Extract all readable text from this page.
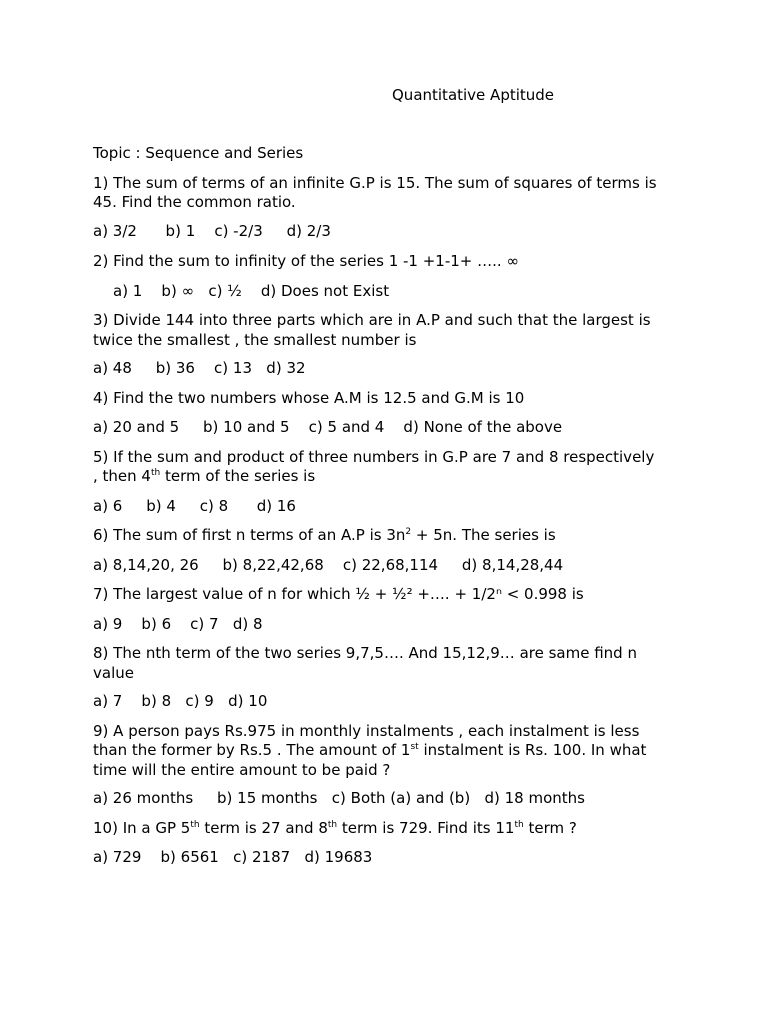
Quantitative Aptitude
Topic : Sequence and Series
1) The sum of terms of an infinite G.P is 15. The sum of squares of terms is
45. Find the common ratio.
a) 3/2      b) 1    c) -2/3     d) 2/3
2) Find the sum to infinity of the series 1 -1 +1-1+ ….. ∞
a) 1    b) ∞   c) ½    d) Does not Exist
3) Divide 144 into three parts which are in A.P and such that the largest is
twice the smallest , the smallest number is
a) 48     b) 36    c) 13   d) 32
4) Find the two numbers whose A.M is 12.5 and G.M is 10
a) 20 and 5     b) 10 and 5    c) 5 and 4    d) None of the above
5) If the sum and product of three numbers in G.P are 7 and 8 respectively
, then 4th term of the series is
a) 6     b) 4     c) 8      d) 16
6) The sum of first n terms of an A.P is $3n^2 + 5n$. The series is
a) 8,14,20, 26     b) 8,22,42,68    c) 22,68,114     d) 8,14,28,44
7) The largest value of n for which ½ + ½² +…. + 1/2ⁿ < 0.998 is
a) 9    b) 6    c) 7   d) 8
8) The nth term of the two series 9,7,5…. And 15,12,9… are same find n
value
a) 7    b) 8   c) 9   d) 10
9) A person pays Rs.975 in monthly instalments , each instalment is less
than the former by Rs.5 . The amount of 1st instalment is Rs. 100. In what
time will the entire amount to be paid ?
a) 26 months     b) 15 months   c) Both (a) and (b)   d) 18 months
10) In a GP 5th term is 27 and 8th term is 729. Find its 11th term ?
a) 729    b) 6561   c) 2187   d) 19683
